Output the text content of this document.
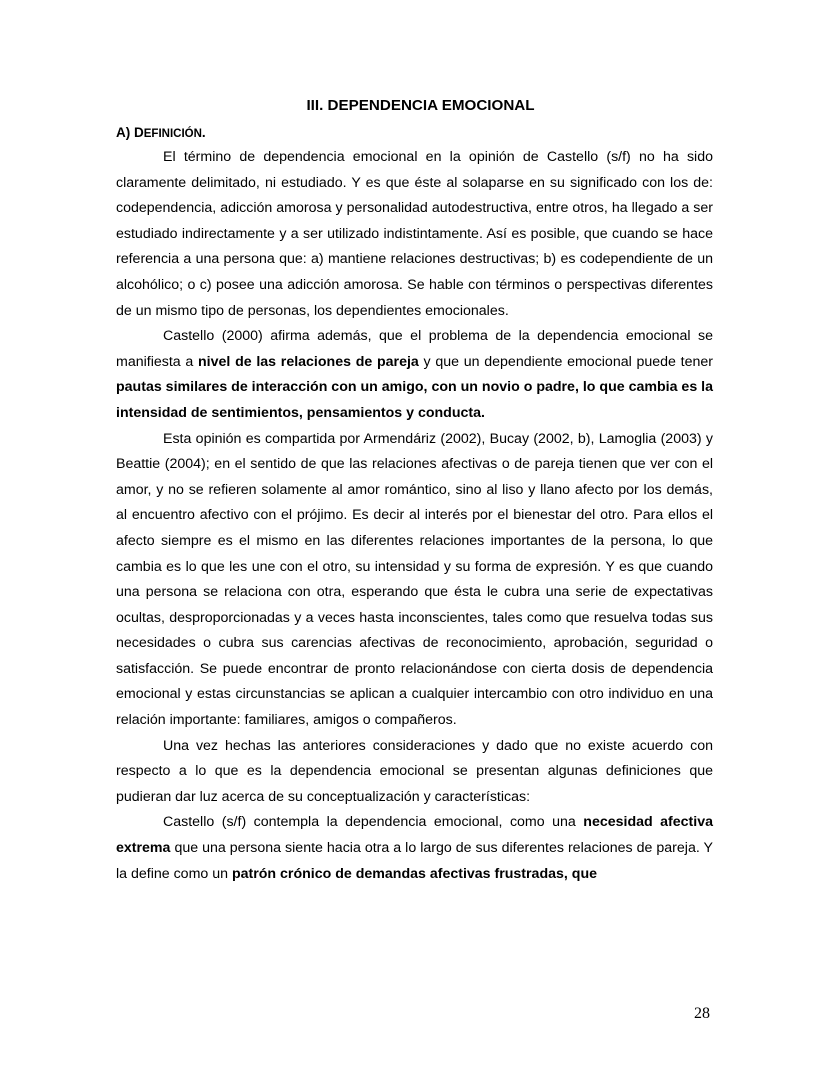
III. DEPENDENCIA EMOCIONAL
A) DEFINICIÓN.

El término de dependencia emocional en la opinión de Castello (s/f) no ha sido claramente delimitado, ni estudiado. Y es que éste al solaparse en su significado con los de: codependencia, adicción amorosa y personalidad autodestructiva, entre otros, ha llegado a ser estudiado indirectamente y a ser utilizado indistintamente. Así es posible, que cuando se hace referencia a una persona que: a) mantiene relaciones destructivas; b) es codependiente de un alcohólico; o c) posee una adicción amorosa. Se hable con términos o perspectivas diferentes de un mismo tipo de personas, los dependientes emocionales.

Castello (2000) afirma además, que el problema de la dependencia emocional se manifiesta a nivel de las relaciones de pareja y que un dependiente emocional puede tener pautas similares de interacción con un amigo, con un novio o padre, lo que cambia es la intensidad de sentimientos, pensamientos y conducta.

Esta opinión es compartida por Armendáriz (2002), Bucay (2002, b), Lamoglia (2003) y Beattie (2004); en el sentido de que las relaciones afectivas o de pareja tienen que ver con el amor, y no se refieren solamente al amor romántico, sino al liso y llano afecto por los demás, al encuentro afectivo con el prójimo. Es decir al interés por el bienestar del otro. Para ellos el afecto siempre es el mismo en las diferentes relaciones importantes de la persona, lo que cambia es lo que les une con el otro, su intensidad y su forma de expresión. Y es que cuando una persona se relaciona con otra, esperando que ésta le cubra una serie de expectativas ocultas, desproporcionadas y a veces hasta inconscientes, tales como que resuelva todas sus necesidades o cubra sus carencias afectivas de reconocimiento, aprobación, seguridad o satisfacción. Se puede encontrar de pronto relacionándose con cierta dosis de dependencia emocional y estas circunstancias se aplican a cualquier intercambio con otro individuo en una relación importante: familiares, amigos o compañeros.

Una vez hechas las anteriores consideraciones y dado que no existe acuerdo con respecto a lo que es la dependencia emocional se presentan algunas definiciones que pudieran dar luz acerca de su conceptualización y características:

Castello (s/f) contempla la dependencia emocional, como una necesidad afectiva extrema que una persona siente hacia otra a lo largo de sus diferentes relaciones de pareja. Y la define como un patrón crónico de demandas afectivas frustradas, que

28
